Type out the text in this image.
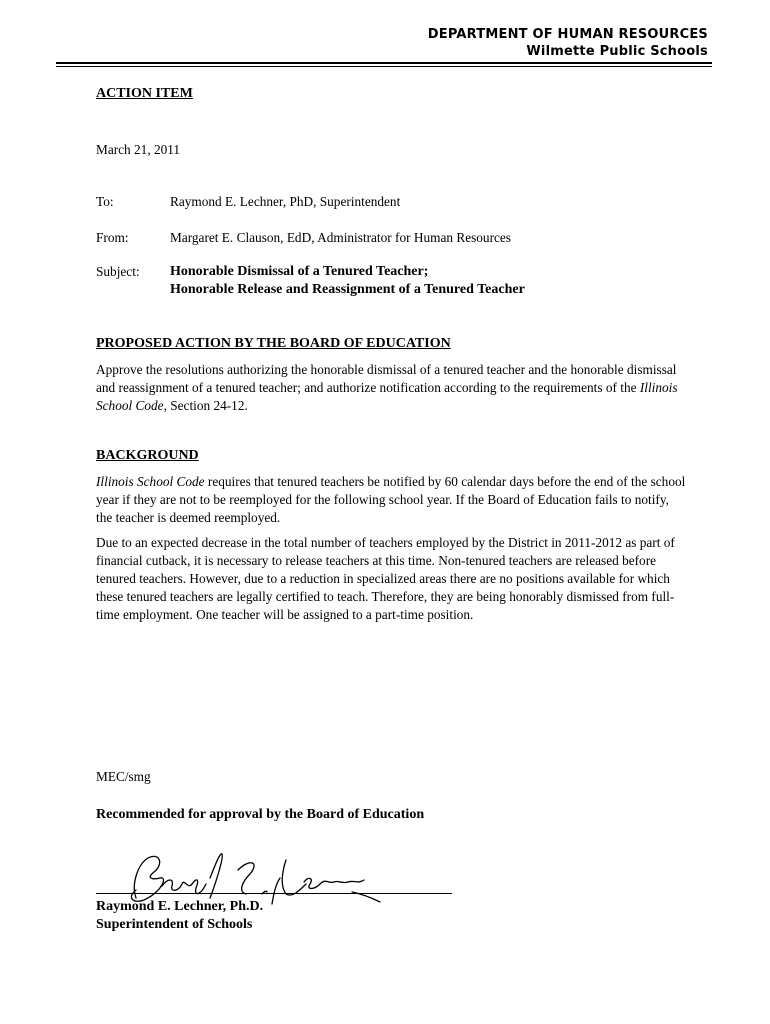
DEPARTMENT OF HUMAN RESOURCES
Wilmette Public Schools
ACTION ITEM
March 21, 2011
To:	Raymond E. Lechner, PhD, Superintendent
From:	Margaret E. Clauson, EdD, Administrator for Human Resources
Subject: Honorable Dismissal of a Tenured Teacher;
Honorable Release and Reassignment of a Tenured Teacher
PROPOSED ACTION BY THE BOARD OF EDUCATION
Approve the resolutions authorizing the honorable dismissal of a tenured teacher and the honorable dismissal and reassignment of a tenured teacher; and authorize notification according to the requirements of the Illinois School Code, Section 24-12.
BACKGROUND
Illinois School Code requires that tenured teachers be notified by 60 calendar days before the end of the school year if they are not to be reemployed for the following school year. If the Board of Education fails to notify, the teacher is deemed reemployed.
Due to an expected decrease in the total number of teachers employed by the District in 2011-2012 as part of financial cutback, it is necessary to release teachers at this time. Non-tenured teachers are released before tenured teachers. However, due to a reduction in specialized areas there are no positions available for which these tenured teachers are legally certified to teach. Therefore, they are being honorably dismissed from full-time employment. One teacher will be assigned to a part-time position.
MEC/smg
Recommended for approval by the Board of Education
Raymond E. Lechner, Ph.D.
Superintendent of Schools
